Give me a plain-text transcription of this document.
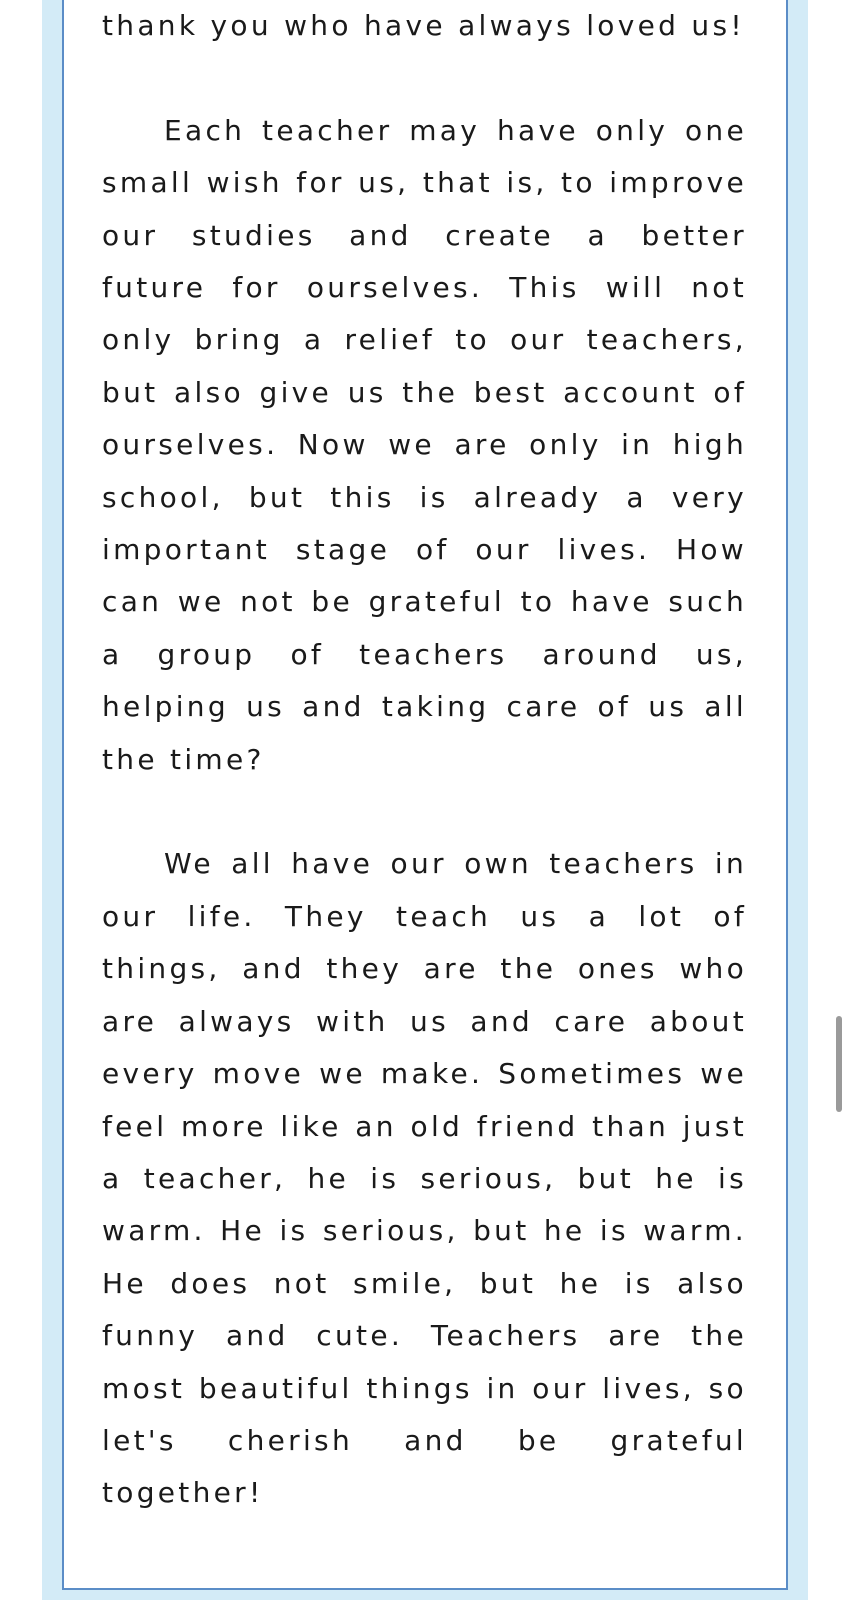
thank you who have always loved us!

Each teacher may have only one small wish for us, that is, to improve our studies and create a better future for ourselves. This will not only bring a relief to our teachers, but also give us the best account of ourselves. Now we are only in high school, but this is already a very important stage of our lives. How can we not be grateful to have such a group of teachers around us, helping us and taking care of us all the time?

We all have our own teachers in our life. They teach us a lot of things, and they are the ones who are always with us and care about every move we make. Sometimes we feel more like an old friend than just a teacher, he is serious, but he is warm. He is serious, but he is warm. He does not smile, but he is also funny and cute. Teachers are the most beautiful things in our lives, so let's cherish and be grateful together!
